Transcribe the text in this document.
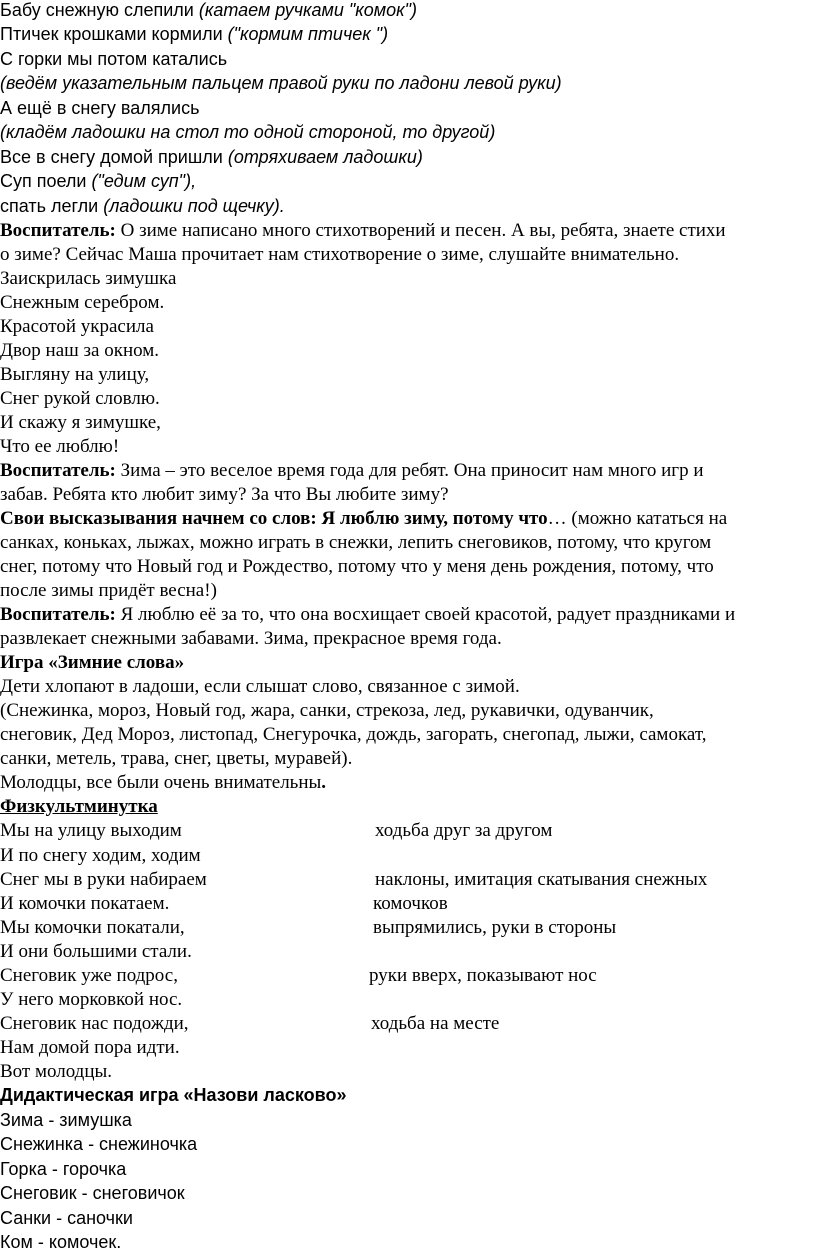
Бабу снежную слепили (катаем ручками "комок")
Птичек крошками кормили ("кормим птичек ")
С горки мы потом катались
(ведём указательным пальцем правой руки по ладони левой руки)
А ещё в снегу валялись
(кладём ладошки на стол то одной стороной, то другой)
Все в снегу домой пришли (отряхиваем ладошки)
Суп поели ("едим суп"),
спать легли (ладошки под щечку).
Воспитатель: О зиме написано много стихотворений и песен. А вы, ребята, знаете стихи
о зиме? Сейчас Маша прочитает нам стихотворение о зиме, слушайте внимательно.
Заискрилась зимушка
Снежным серебром.
Красотой украсила
Двор наш за окном.
Выгляну на улицу,
Снег рукой словлю.
И скажу я зимушке,
Что ее люблю!
Воспитатель: Зима – это веселое время года для ребят. Она приносит нам много игр и
забав. Ребята кто любит зиму? За что Вы любите зиму?
Свои высказывания начнем со слов: Я люблю зиму, потому что… (можно кататься на
санках, коньках, лыжах, можно играть в снежки, лепить снеговиков, потому, что кругом
снег, потому что Новый год и Рождество, потому что у меня день рождения, потому, что
после зимы придёт весна!)
Воспитатель: Я люблю её за то, что она восхищает своей красотой, радует праздниками и
развлекает снежными забавами. Зима, прекрасное время года.
Игра «Зимние слова»
Дети хлопают в ладоши, если слышат слово, связанное с зимой.
(Снежинка, мороз, Новый год, жара, санки, стрекоза, лед, рукавички, одуванчик,
снеговик, Дед Мороз, листопад, Снегурочка, дождь, загорать, снегопад, лыжи, самокат,
санки, метель, трава, снег, цветы, муравей).
Молодцы, все были очень внимательны.
Физкультминутка
Мы на улицу выходим	ходьба друг за другом
И по снегу ходим, ходим
Снег мы в руки набираем	наклоны, имитация скатывания снежных
И комочки покатаем.	комочков
Мы комочки покатали,	выпрямились, руки в стороны
И они большими стали.
Снеговик уже подрос,	руки вверх, показывают нос
У него морковкой нос.
Снеговик нас подожди,	ходьба на месте
Нам домой пора идти.
Вот молодцы.
Дидактическая игра «Назови ласково»
Зима - зимушка
Снежинка - снежиночка
Горка - горочка
Снеговик - снеговичок
Санки - саночки
Ком - комочек.
